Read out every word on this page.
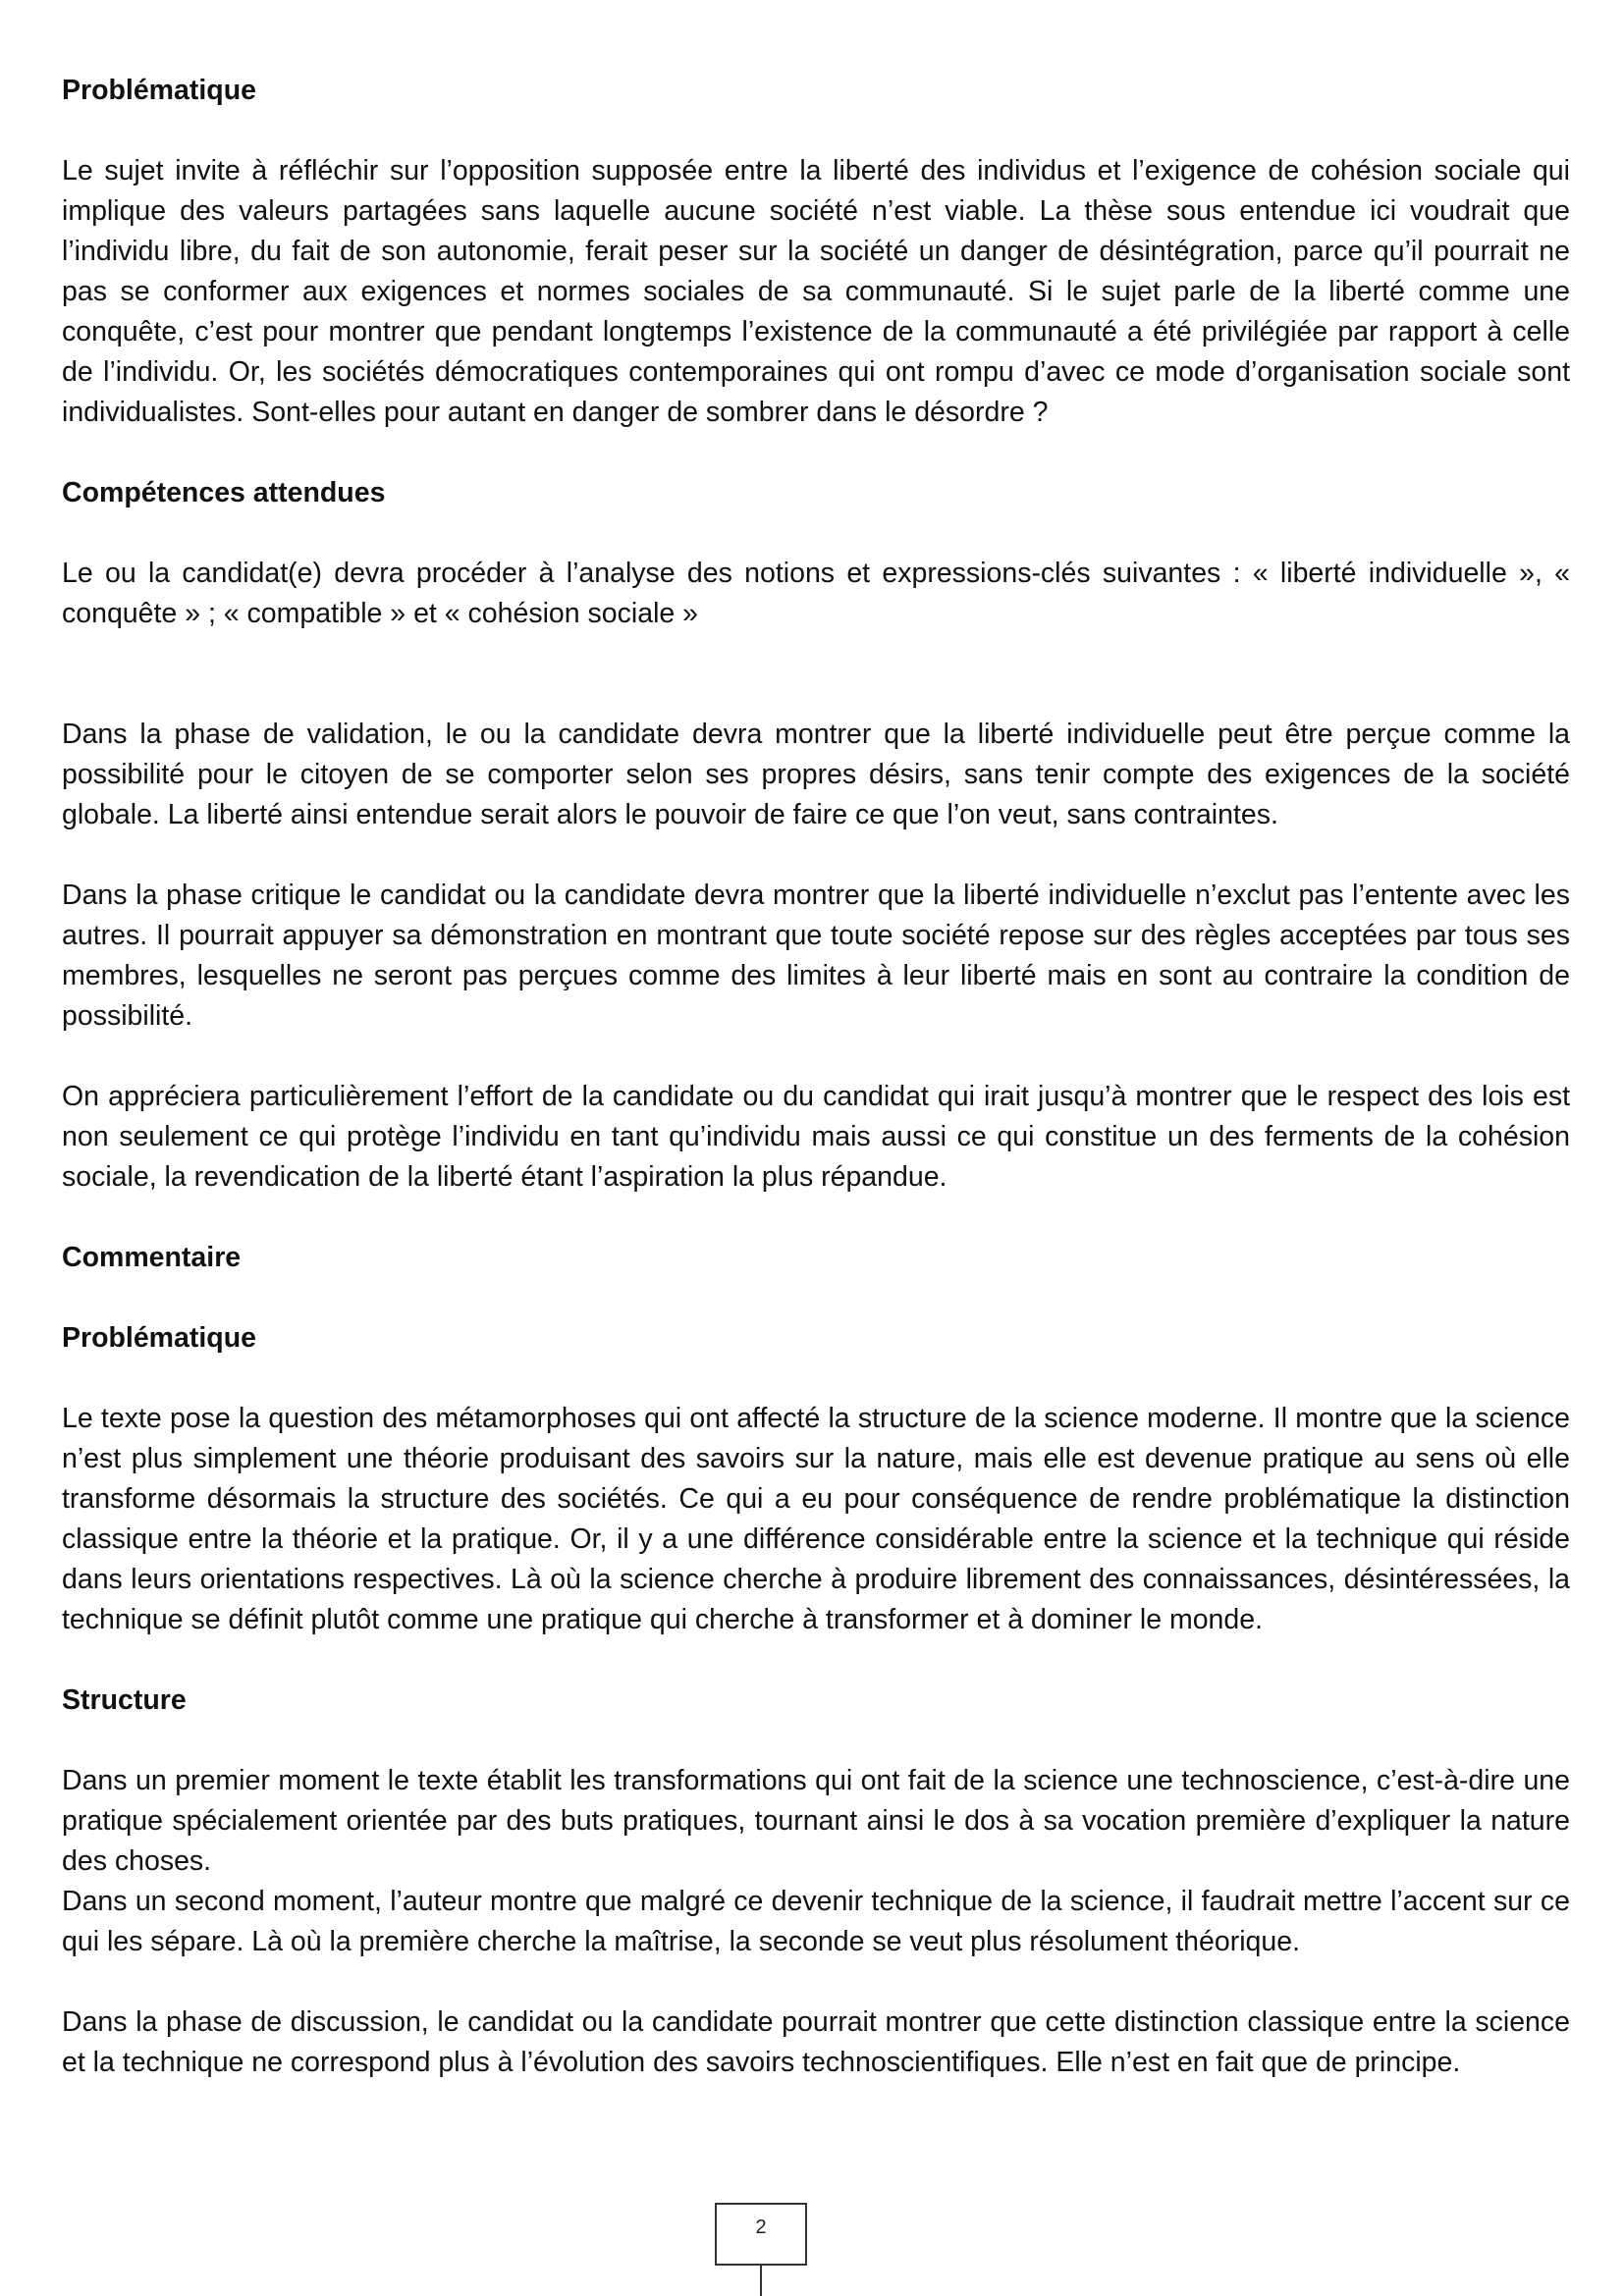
Problématique

Le sujet invite à réfléchir sur l’opposition supposée entre la liberté des individus et l’exigence de cohésion sociale qui implique des valeurs partagées sans laquelle aucune société n’est viable. La thèse sous entendue ici voudrait que l’individu libre, du fait de son autonomie, ferait peser sur la société un danger de désintégration, parce qu’il pourrait ne pas se conformer aux exigences et normes sociales de sa communauté. Si le sujet parle de la liberté comme une conquête, c’est pour montrer que pendant longtemps l’existence de la communauté a été privilégiée par rapport à celle de l’individu. Or, les sociétés démocratiques contemporaines qui ont rompu d’avec ce mode d’organisation sociale sont individualistes. Sont-elles pour autant en danger de sombrer dans le désordre ?

Compétences attendues

Le ou la candidat(e) devra procéder à l’analyse des notions et expressions-clés suivantes : « liberté individuelle », « conquête » ; « compatible » et « cohésion sociale »

Dans la phase de validation, le ou la candidate devra montrer que la liberté individuelle peut être perçue comme la possibilité pour le citoyen de se comporter selon ses propres désirs, sans tenir compte des exigences de la société globale. La liberté ainsi entendue serait alors le pouvoir de faire ce que l’on veut, sans contraintes.

Dans la phase critique le candidat ou la candidate devra montrer que la liberté individuelle n’exclut pas l’entente avec les autres. Il pourrait appuyer sa démonstration en montrant que toute société repose sur des règles acceptées par tous ses membres, lesquelles ne seront pas perçues comme des limites à leur liberté mais en sont au contraire la condition de possibilité.

On appréciera particulièrement l’effort de la candidate ou du candidat qui irait jusqu’à montrer que le respect des lois est non seulement ce qui protège l’individu en tant qu’individu mais aussi ce qui constitue un des ferments de la cohésion sociale, la revendication de la liberté étant l’aspiration la plus répandue.

Commentaire
Problématique

Le texte pose la question des métamorphoses qui ont affecté la structure de la science moderne. Il montre que la science n’est plus simplement une théorie produisant des savoirs sur la nature, mais elle est devenue pratique au sens où elle transforme désormais la structure des sociétés. Ce qui a eu pour conséquence de rendre problématique la distinction classique entre la théorie et la pratique. Or, il y a une différence considérable entre la science et la technique qui réside dans leurs orientations respectives. Là où la science cherche à produire librement des connaissances, désintéressées, la technique se définit plutôt comme une pratique qui cherche à transformer et à dominer le monde.

Structure

Dans un premier moment le texte établit les transformations qui ont fait de la science une technoscience, c’est-à-dire une pratique spécialement orientée par des buts pratiques, tournant ainsi le dos à sa vocation première d’expliquer la nature des choses.

Dans un second moment, l’auteur montre que malgré ce devenir technique de la science, il faudrait mettre l’accent sur ce qui les sépare. Là où la première cherche la maîtrise, la seconde se veut plus résolument théorique.

Dans la phase de discussion, le candidat ou la candidate pourrait montrer que cette distinction classique entre la science et la technique ne correspond plus à l’évolution des savoirs technoscientifiques. Elle n’est en fait que de principe.

2
